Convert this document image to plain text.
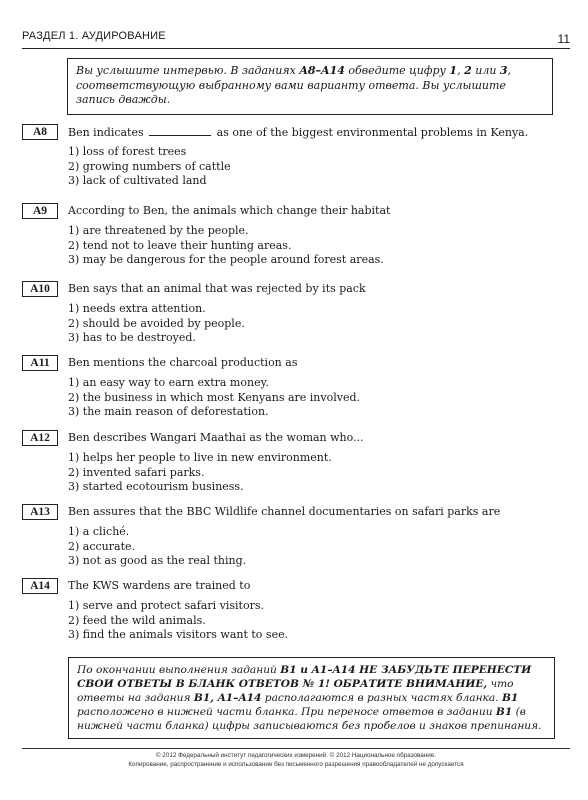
РАЗДЕЛ 1. АУДИРОВАНИЕ	11
Вы услышите интервью. В заданиях A8–A14 обведите цифру 1, 2 или 3, соответствующую выбранному вами варианту ответа. Вы услышите запись дважды.
A8	Ben indicates	as one of the biggest environmental problems in Kenya.
1) loss of forest trees
2) growing numbers of cattle
3) lack of cultivated land
A9	According to Ben, the animals which change their habitat
1) are threatened by the people.
2) tend not to leave their hunting areas.
3) may be dangerous for the people around forest areas.
A10	Ben says that an animal that was rejected by its pack
1) needs extra attention.
2) should be avoided by people.
3) has to be destroyed.
A11	Ben mentions the charcoal production as
1) an easy way to earn extra money.
2) the business in which most Kenyans are involved.
3) the main reason of deforestation.
A12	Ben describes Wangari Maathai as the woman who...
1) helps her people to live in new environment.
2) invented safari parks.
3) started ecotourism business.
A13	Ben assures that the BBC Wildlife channel documentaries on safari parks are
1) a cliché.
2) accurate.
3) not as good as the real thing.
A14	The KWS wardens are trained to
1) serve and protect safari visitors.
2) feed the wild animals.
3) find the animals visitors want to see.
По окончании выполнения заданий B1 и A1–A14 НЕ ЗАБУДЬТЕ ПЕРЕНЕСТИ СВОИ ОТВЕТЫ В БЛАНК ОТВЕТОВ № 1! ОБРАТИТЕ ВНИМАНИЕ, что ответы на задания B1, A1–A14 располагаются в разных частях бланка. B1 расположено в нижней части бланка. При переносе ответов в задании B1 (в нижней части бланка) цифры записываются без пробелов и знаков препинания.
© 2012 Федеральный институт педагогических измерений. © 2012 Национальное образование.
Копирование, распространение и использование без письменного разрешения правообладателей не допускается
